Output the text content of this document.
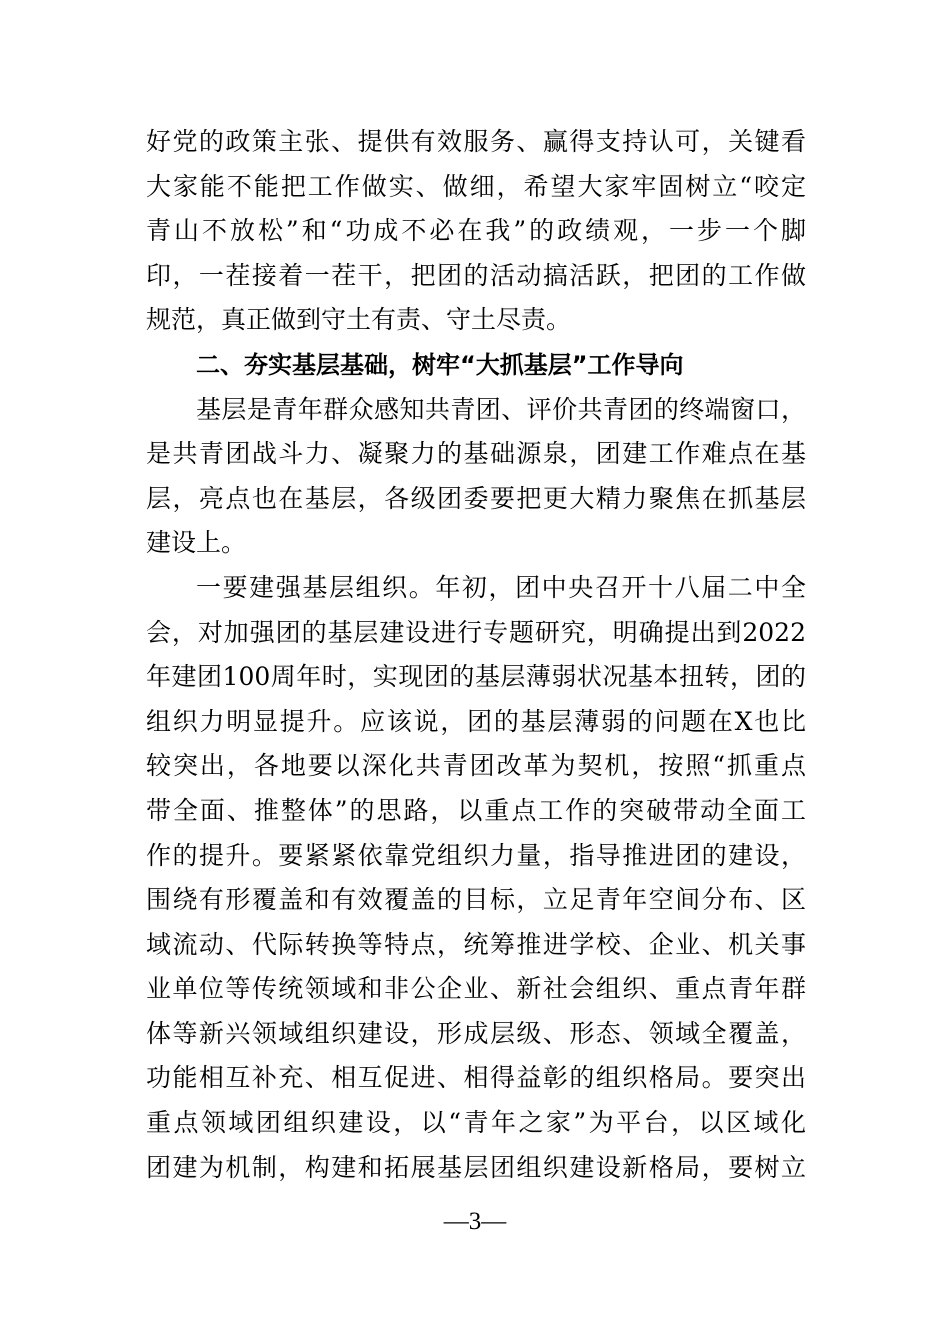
好党的政策主张、提供有效服务、赢得支持认可，关键看
大家能不能把工作做实、做细，希望大家牢固树立“咬定
青山不放松”和“功成不必在我”的政绩观，一步一个脚
印，一茬接着一茬干，把团的活动搞活跃，把团的工作做
规范，真正做到守土有责、守土尽责。
二、夯实基层基础，树牢“大抓基层”工作导向
基层是青年群众感知共青团、评价共青团的终端窗口，
是共青团战斗力、凝聚力的基础源泉，团建工作难点在基
层，亮点也在基层，各级团委要把更大精力聚焦在抓基层
建设上。
一要建强基层组织。年初，团中央召开十八届二中全
会，对加强团的基层建设进行专题研究，明确提出到2022
年建团100周年时，实现团的基层薄弱状况基本扭转，团的
组织力明显提升。应该说，团的基层薄弱的问题在X也比
较突出，各地要以深化共青团改革为契机，按照“抓重点
带全面、推整体”的思路，以重点工作的突破带动全面工
作的提升。要紧紧依靠党组织力量，指导推进团的建设，
围绕有形覆盖和有效覆盖的目标，立足青年空间分布、区
域流动、代际转换等特点，统筹推进学校、企业、机关事
业单位等传统领域和非公企业、新社会组织、重点青年群
体等新兴领域组织建设，形成层级、形态、领域全覆盖，
功能相互补充、相互促进、相得益彰的组织格局。要突出
重点领域团组织建设，以“青年之家”为平台，以区域化
团建为机制，构建和拓展基层团组织建设新格局，要树立
—3—
